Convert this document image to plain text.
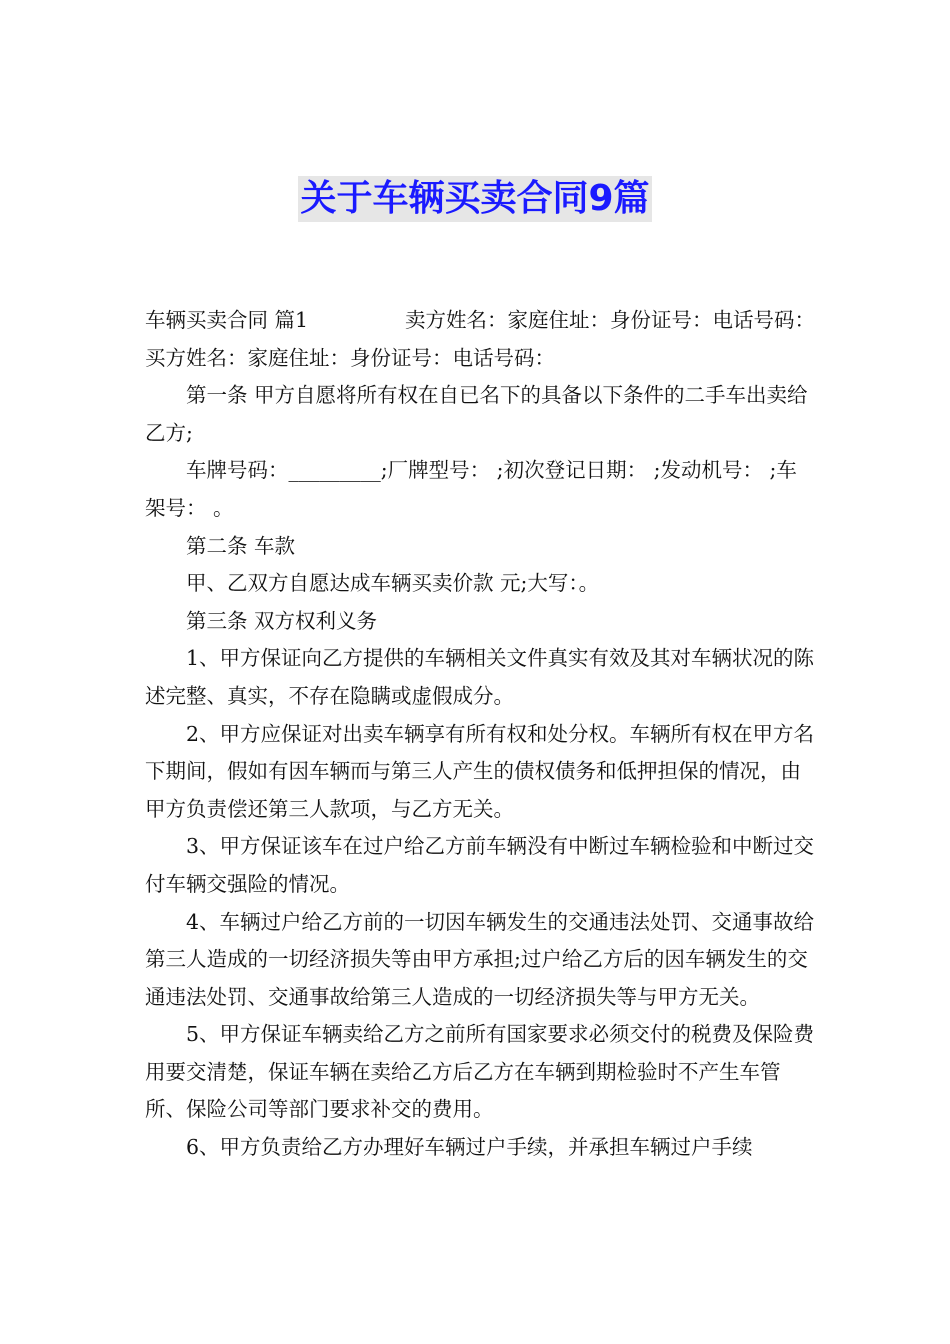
关于车辆买卖合同9篇

车辆买卖合同 篇1	卖方姓名：家庭住址：身份证号：电话号码：

买方姓名：家庭住址：身份证号：电话号码：

第一条 甲方自愿将所有权在自已名下的具备以下条件的二手车出卖给乙方;

车牌号码：_________;厂牌型号： ;初次登记日期： ;发动机号： ;车架号： 。

第二条 车款

甲、乙双方自愿达成车辆买卖价款 元;大写：。

第三条 双方权利义务

1、甲方保证向乙方提供的车辆相关文件真实有效及其对车辆状况的陈述完整、真实，不存在隐瞒或虚假成分。

2、甲方应保证对出卖车辆享有所有权和处分权。车辆所有权在甲方名下期间，假如有因车辆而与第三人产生的债权债务和低押担保的情况，由甲方负责偿还第三人款项，与乙方无关。

3、甲方保证该车在过户给乙方前车辆没有中断过车辆检验和中断过交付车辆交强险的情况。

4、车辆过户给乙方前的一切因车辆发生的交通违法处罚、交通事故给第三人造成的一切经济损失等由甲方承担;过户给乙方后的因车辆发生的交通违法处罚、交通事故给第三人造成的一切经济损失等与甲方无关。

5、甲方保证车辆卖给乙方之前所有国家要求必须交付的税费及保险费用要交清楚，保证车辆在卖给乙方后乙方在车辆到期检验时不产生车管所、保险公司等部门要求补交的费用。

6、甲方负责给乙方办理好车辆过户手续，并承担车辆过户手续
